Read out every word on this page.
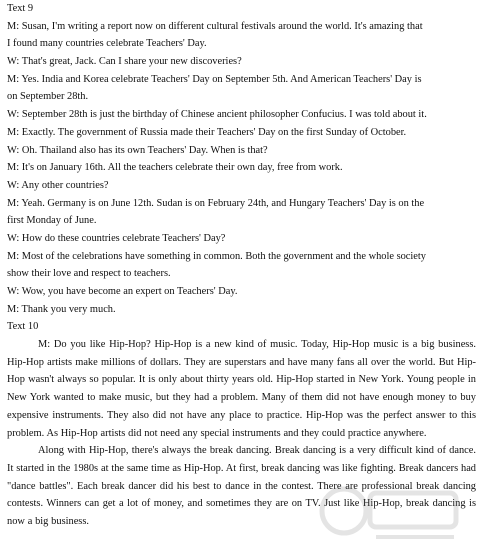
Text 9
M: Susan, I'm writing a report now on different cultural festivals around the world. It's amazing that
I found many countries celebrate Teachers' Day.
W: That's great, Jack. Can I share your new discoveries?
M: Yes. India and Korea celebrate Teachers' Day on September 5th. And American Teachers' Day is
on September 28th.
W: September 28th is just the birthday of Chinese ancient philosopher Confucius. I was told about it.
M: Exactly. The government of Russia made their Teachers' Day on the first Sunday of October.
W: Oh. Thailand also has its own Teachers' Day. When is that?
M: It's on January 16th. All the teachers celebrate their own day, free from work.
W: Any other countries?
M: Yeah. Germany is on June 12th. Sudan is on February 24th, and Hungary Teachers' Day is on the
first Monday of June.
W: How do these countries celebrate Teachers' Day?
M: Most of the celebrations have something in common. Both the government and the whole society
show their love and respect to teachers.
W: Wow, you have become an expert on Teachers' Day.
M: Thank you very much.
Text 10
M: Do you like Hip-Hop? Hip-Hop is a new kind of music. Today, Hip-Hop music is a big business. Hip-Hop artists make millions of dollars. They are superstars and have many fans all over the world. But Hip-Hop wasn't always so popular. It is only about thirty years old. Hip-Hop started in New York. Young people in New York wanted to make music, but they had a problem. Many of them did not have enough money to buy expensive instruments. They also did not have any place to practice. Hip-Hop was the perfect answer to this problem. As Hip-Hop artists did not need any special instruments and they could practice anywhere.
Along with Hip-Hop, there's always the break dancing. Break dancing is a very difficult kind of dance. It started in the 1980s at the same time as Hip-Hop. At first, break dancing was like fighting. Break dancers had "dance battles". Each break dancer did his best to dance in the contest. There are professional break dancing contests. Winners can get a lot of money, and sometimes they are on TV. Just like Hip-Hop, break dancing is now a big business.
